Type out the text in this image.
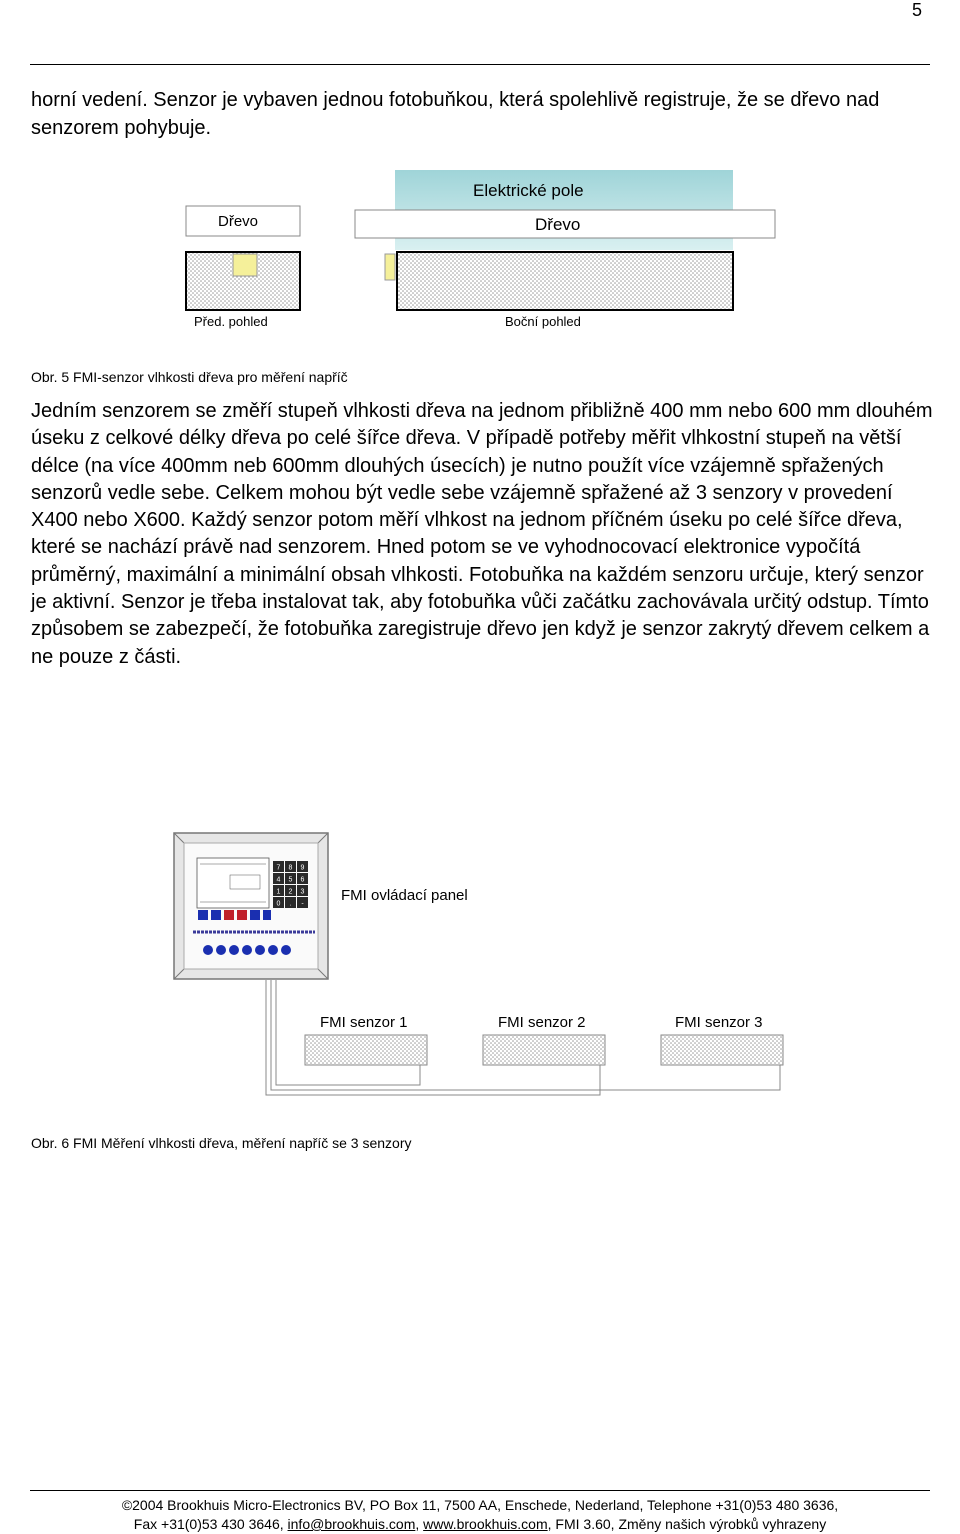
5
horní vedení. Senzor je vybaven jednou fotobuňkou, která spolehlivě registruje, že se dřevo nad senzorem pohybuje.
Dřevo
Elektrické pole
Dřevo
Před. pohled	Boční pohled
Obr. 5 FMI-senzor vlhkosti dřeva pro měření napříč
Jedním senzorem se změří stupeň vlhkosti dřeva na jednom přibližně 400 mm nebo 600 mm dlouhém úseku z celkové délky dřeva po celé šířce dřeva. V případě potřeby měřit vlhkostní stupeň na větší délce (na více 400mm neb 600mm dlouhých úsecích) je nutno použít více vzájemně spřažených senzorů vedle sebe. Celkem mohou být vedle sebe vzájemně spřažené až 3 senzory v provedení X400 nebo X600. Každý senzor potom měří vlhkost na jednom příčném úseku po celé šířce dřeva, které se nachází právě nad senzorem. Hned potom se ve vyhodnocovací elektronice vypočítá průměrný, maximální a minimální obsah vlhkosti. Fotobuňka na každém senzoru určuje, který senzor je aktivní. Senzor je třeba instalovat tak, aby fotobuňka vůči začátku zachovávala určitý odstup. Tímto způsobem se zabezpečí, že fotobuňka zaregistruje dřevo jen když je senzor zakrytý dřevem celkem a ne pouze z části.
7 8 9
4 5 6
1 2 3
0 . - FMI ovládací panel
FMI senzor 1	FMI senzor 2	FMI senzor 3
Obr. 6 FMI Měření vlhkosti dřeva, měření napříč se 3 senzory
©2004 Brookhuis Micro-Electronics BV, PO Box 11, 7500 AA, Enschede, Nederland, Telephone +31(0)53 480 3636,
Fax +31(0)53 430 3646, info@brookhuis.com, www.brookhuis.com, FMI 3.60, Změny našich výrobků vyhrazeny
